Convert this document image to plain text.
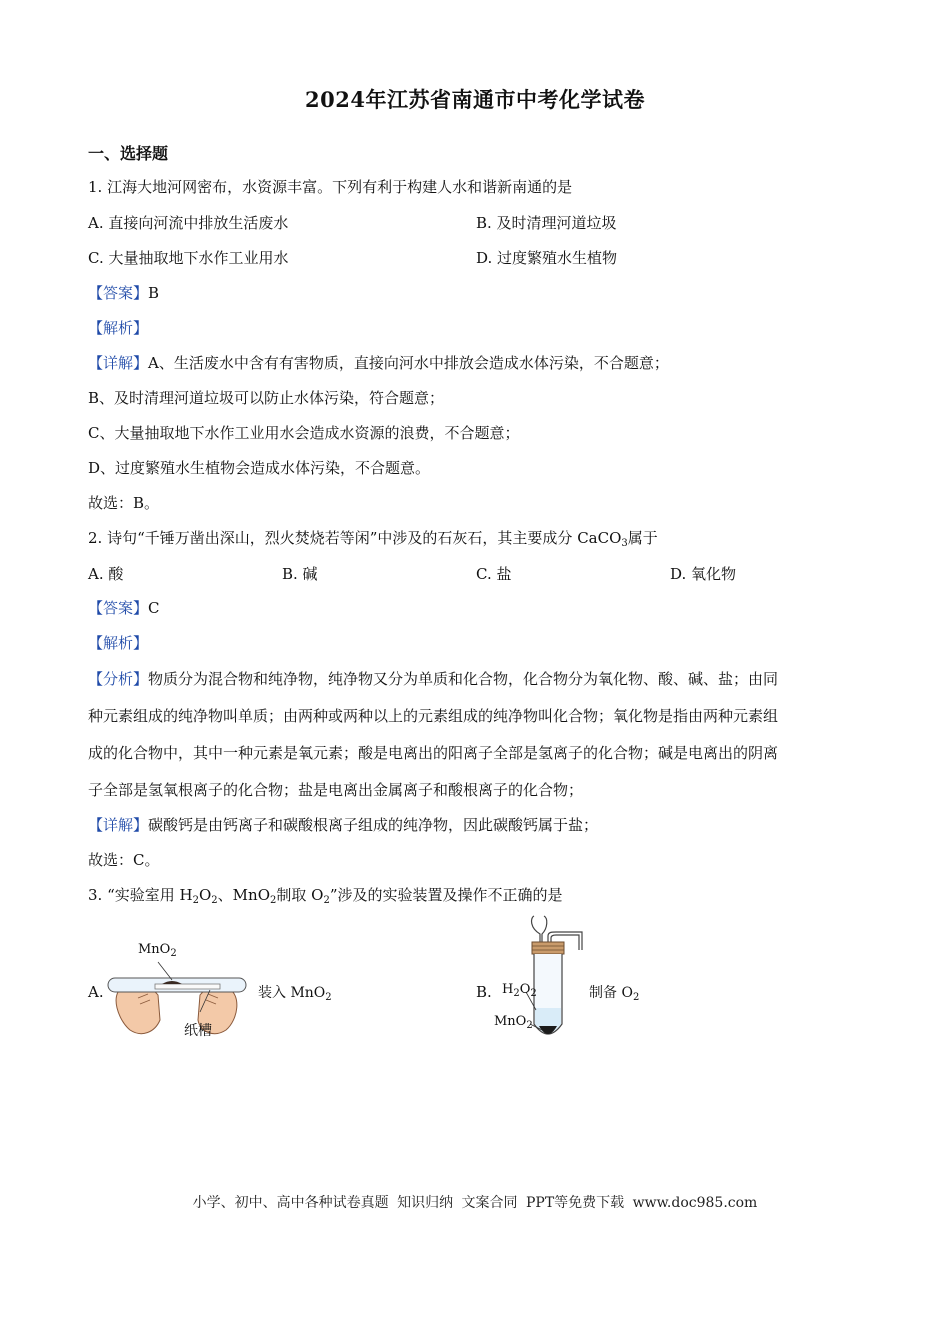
2024年江苏省南通市中考化学试卷
一、选择题
1. 江海大地河网密布，水资源丰富。下列有利于构建人水和谐新南通的是
A. 直接向河流中排放生活废水	B. 及时清理河道垃圾
C. 大量抽取地下水作工业用水	D. 过度繁殖水生植物
【答案】B
【解析】
【详解】A、生活废水中含有有害物质，直接向河水中排放会造成水体污染，不合题意；
B、及时清理河道垃圾可以防止水体污染，符合题意；
C、大量抽取地下水作工业用水会造成水资源的浪费，不合题意；
D、过度繁殖水生植物会造成水体污染，不合题意。
故选：B。
2. 诗句“千锤万凿出深山，烈火焚烧若等闲”中涉及的石灰石，其主要成分 CaCO$_3$属于
A. 酸	B. 碱	C. 盐	D. 氧化物
【答案】C
【解析】
【分析】物质分为混合物和纯净物，纯净物又分为单质和化合物，化合物分为氧化物、酸、碱、盐；由同
种元素组成的纯净物叫单质；由两种或两种以上的元素组成的纯净物叫化合物；氧化物是指由两种元素组
成的化合物中，其中一种元素是氧元素；酸是电离出的阳离子全部是氢离子的化合物；碱是电离出的阴离
子全部是氢氧根离子的化合物；盐是电离出金属离子和酸根离子的化合物；
【详解】碳酸钙是由钙离子和碳酸根离子组成的纯净物，因此碳酸钙属于盐；
故选：C。
3. “实验室用 $H_2O_2$、MnO$_2$制取 $O_2$”涉及的实验装置及操作不正确的是
A.
MnO$_2$
纸槽
装入 MnO$_2$	B. $H_2O_2$
MnO$_2$
制备 $O_2$
小学、初中、高中各种试卷真题 知识归纳 文案合同 PPT等免费下载 www.doc985.com
